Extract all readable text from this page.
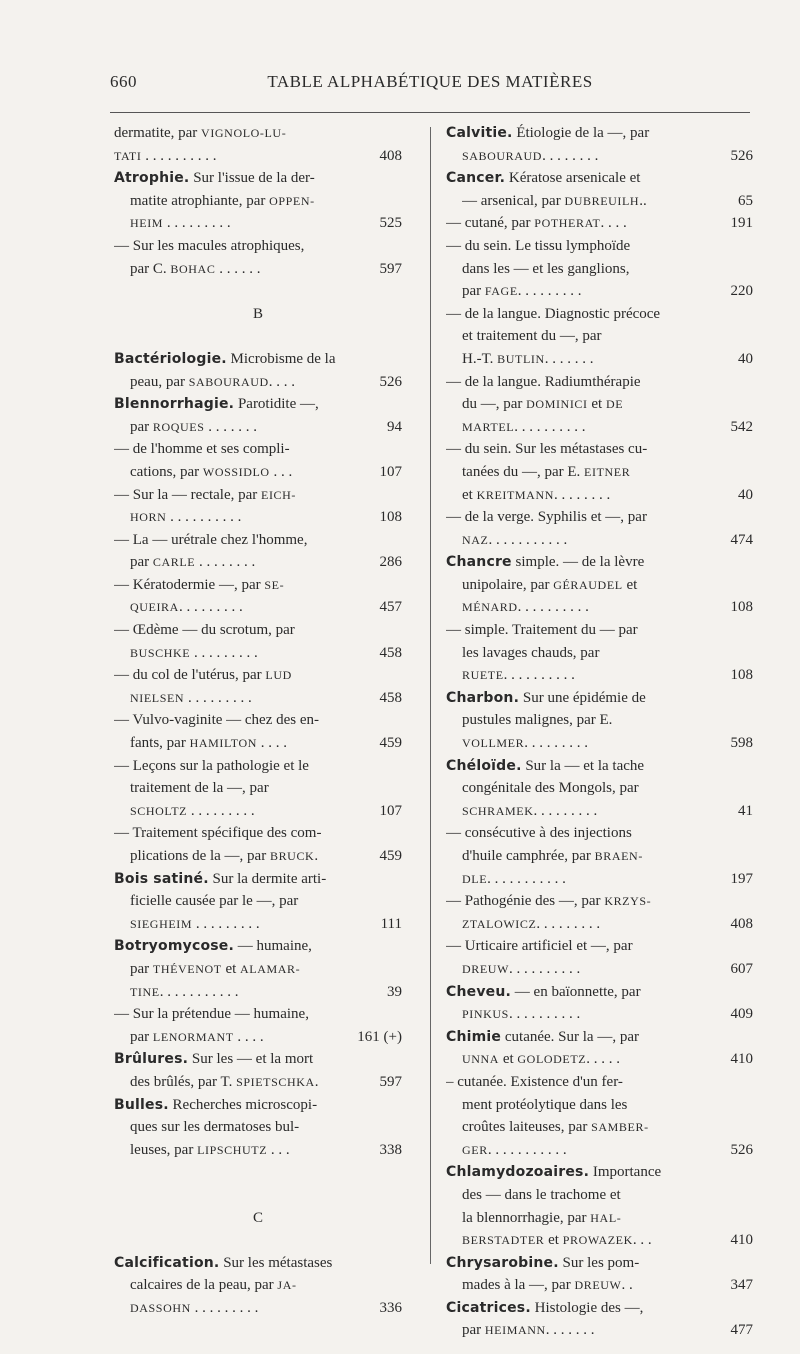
660	TABLE ALPHABÉTIQUE DES MATIÈRES
dermatite, par VIGNOLO-LU-
TATI . . . . . . . . . .	408
Atrophie. Sur l'issue de la der-
matite atrophiante, par OPPEN-
HEIM . . . . . . . . .	525
— Sur les macules atrophiques,
par C. BOHAC . . . . . .	597
B
Bactériologie. Microbisme de la
peau, par SABOURAUD. . . .	526
Blennorrhagie. Parotidite —,
par ROQUES . . . . . . .	94
— de l'homme et ses compli-
cations, par WOSSIDLO . . .	107
— Sur la — rectale, par EICH-
HORN . . . . . . . . . .	108
— La — urétrale chez l'homme,
par CARLE . . . . . . . .	286
— Kératodermie —, par SE-
QUEIRA. . . . . . . . .	457
— Œdème — du scrotum, par
BUSCHKE . . . . . . . . .	458
— du col de l'utérus, par LUD
NIELSEN . . . . . . . . .	458
— Vulvo-vaginite — chez des en-
fants, par HAMILTON . . . .	459
— Leçons sur la pathologie et le
traitement de la —, par
SCHOLTZ . . . . . . . . .	107
— Traitement spécifique des com-
plications de la —, par BRUCK.	459
Bois satiné. Sur la dermite arti-
ficielle causée par le —, par
SIEGHEIM . . . . . . . . .	111
Botryomycose. — humaine,
par THÉVENOT et ALAMAR-
TINE. . . . . . . . . . .	39
— Sur la prétendue — humaine,
par LENORMANT . . . .	161 (+)
Brûlures. Sur les — et la mort
des brûlés, par T. SPIETSCHKA.	597
Bulles. Recherches microscopi-
ques sur les dermatoses bul-
leuses, par LIPSCHUTZ . . .	338
C
Calcification. Sur les métastases
calcaires de la peau, par JA-
DASSOHN . . . . . . . . .	336
Calvitie. Étiologie de la —, par
SABOURAUD. . . . . . . .	526
Cancer. Kératose arsenicale et
— arsenical, par DUBREUILH..	65
— cutané, par POTHERAT. . . .	191
— du sein. Le tissu lymphoïde
dans les — et les ganglions,
par FAGE. . . . . . . . .	220
— de la langue. Diagnostic précoce
et traitement du —, par
H.-T. BUTLIN. . . . . . .	40
— de la langue. Radiumthérapie
du —, par DOMINICI et DE
MARTEL. . . . . . . . . .	542
— du sein. Sur les métastases cu-
tanées du —, par E. EITNER
et KREITMANN. . . . . . . .	40
— de la verge. Syphilis et —, par
NAZ. . . . . . . . . . .	474
Chancre simple. — de la lèvre
unipolaire, par GÉRAUDEL et
MÉNARD. . . . . . . . . .	108
— simple. Traitement du — par
les lavages chauds, par
RUETE. . . . . . . . . .	108
Charbon. Sur une épidémie de
pustules malignes, par E.
VOLLMER. . . . . . . . .	598
Chéloïde. Sur la — et la tache
congénitale des Mongols, par
SCHRAMEK. . . . . . . . .	41
— consécutive à des injections
d'huile camphrée, par BRAEN-
DLE. . . . . . . . . . .	197
— Pathogénie des —, par KRZYS-
ZTALOWICZ. . . . . . . . .	408
— Urticaire artificiel et —, par
DREUW. . . . . . . . . .	607
Cheveu. — en baïonnette, par
PINKUS. . . . . . . . . .	409
Chimie cutanée. Sur la —, par
UNNA et GOLODETZ. . . . .	410
– cutanée. Existence d'un fer-
ment protéolytique dans les
croûtes laiteuses, par SAMBER-
GER. . . . . . . . . . .	526
Chlamydozoaires. Importance
des — dans le trachome et
la blennorrhagie, par HAL-
BERSTADTER et PROWAZEK. . .	410
Chrysarobine. Sur les pom-
mades à la —, par DREUW. .	347
Cicatrices. Histologie des —,
par HEIMANN. . . . . . .	477
